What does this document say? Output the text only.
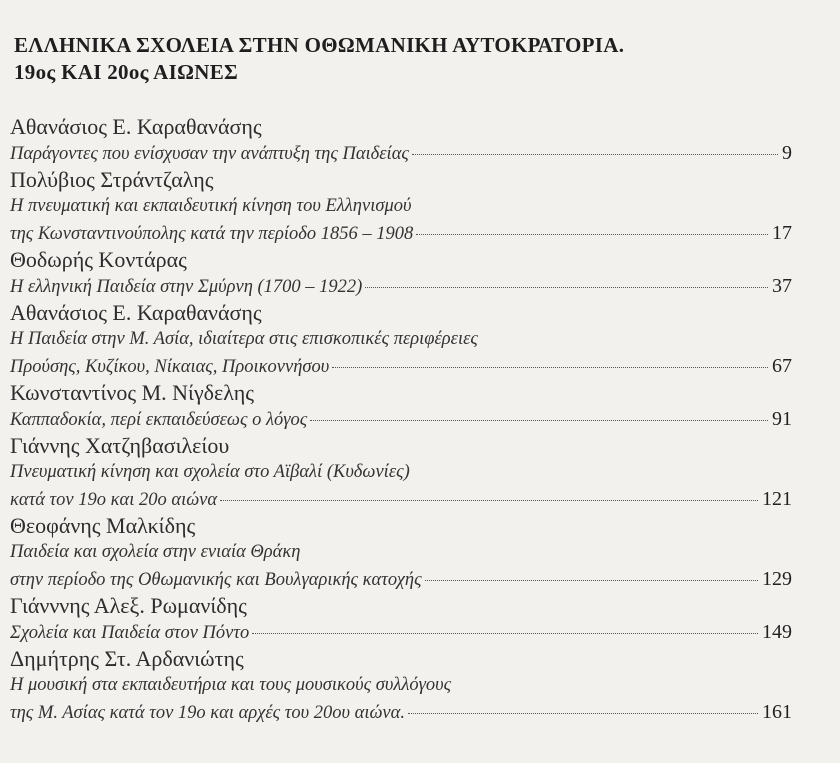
ΕΛΛΗΝΙΚΑ ΣΧΟΛΕΙΑ ΣΤΗΝ ΟΘΩΜΑΝΙΚΗ ΑΥΤΟΚΡΑΤΟΡΙΑ.
19ος ΚΑΙ 20ος ΑΙΩΝΕΣ
Αθανάσιος Ε. Καραθανάσης
Παράγοντες που ενίσχυσαν την ανάπτυξη της Παιδείας	9
Πολύβιος Στράντζαλης
Η πνευματική και εκπαιδευτική κίνηση του Ελληνισμού
της Κωνσταντινούπολης κατά την περίοδο 1856 – 1908	17
Θοδωρής Κοντάρας
Η ελληνική Παιδεία στην Σμύρνη (1700 – 1922)	37
Αθανάσιος Ε. Καραθανάσης
Η Παιδεία στην Μ. Ασία, ιδιαίτερα στις επισκοπικές περιφέρειες
Προύσης, Κυζίκου, Νίκαιας, Προικοννήσου	67
Κωνσταντίνος Μ. Νίγδελης
Καππαδοκία, περί εκπαιδεύσεως ο λόγος	91
Γιάννης Χατζηβασιλείου
Πνευματική κίνηση και σχολεία στο Αϊβαλί (Κυδωνίες)
κατά τον 19ο και 20ο αιώνα	121
Θεοφάνης Μαλκίδης
Παιδεία και σχολεία στην ενιαία Θράκη
στην περίοδο της Οθωμανικής και Βουλγαρικής κατοχής	129
Γιάνννης Αλεξ. Ρωμανίδης
Σχολεία και Παιδεία στον Πόντο	149
Δημήτρης Στ. Αρδανιώτης
Η μουσική στα εκπαιδευτήρια και τους μουσικούς συλλόγους
της Μ. Ασίας κατά τον 19ο και αρχές του 20ου αιώνα.	161
